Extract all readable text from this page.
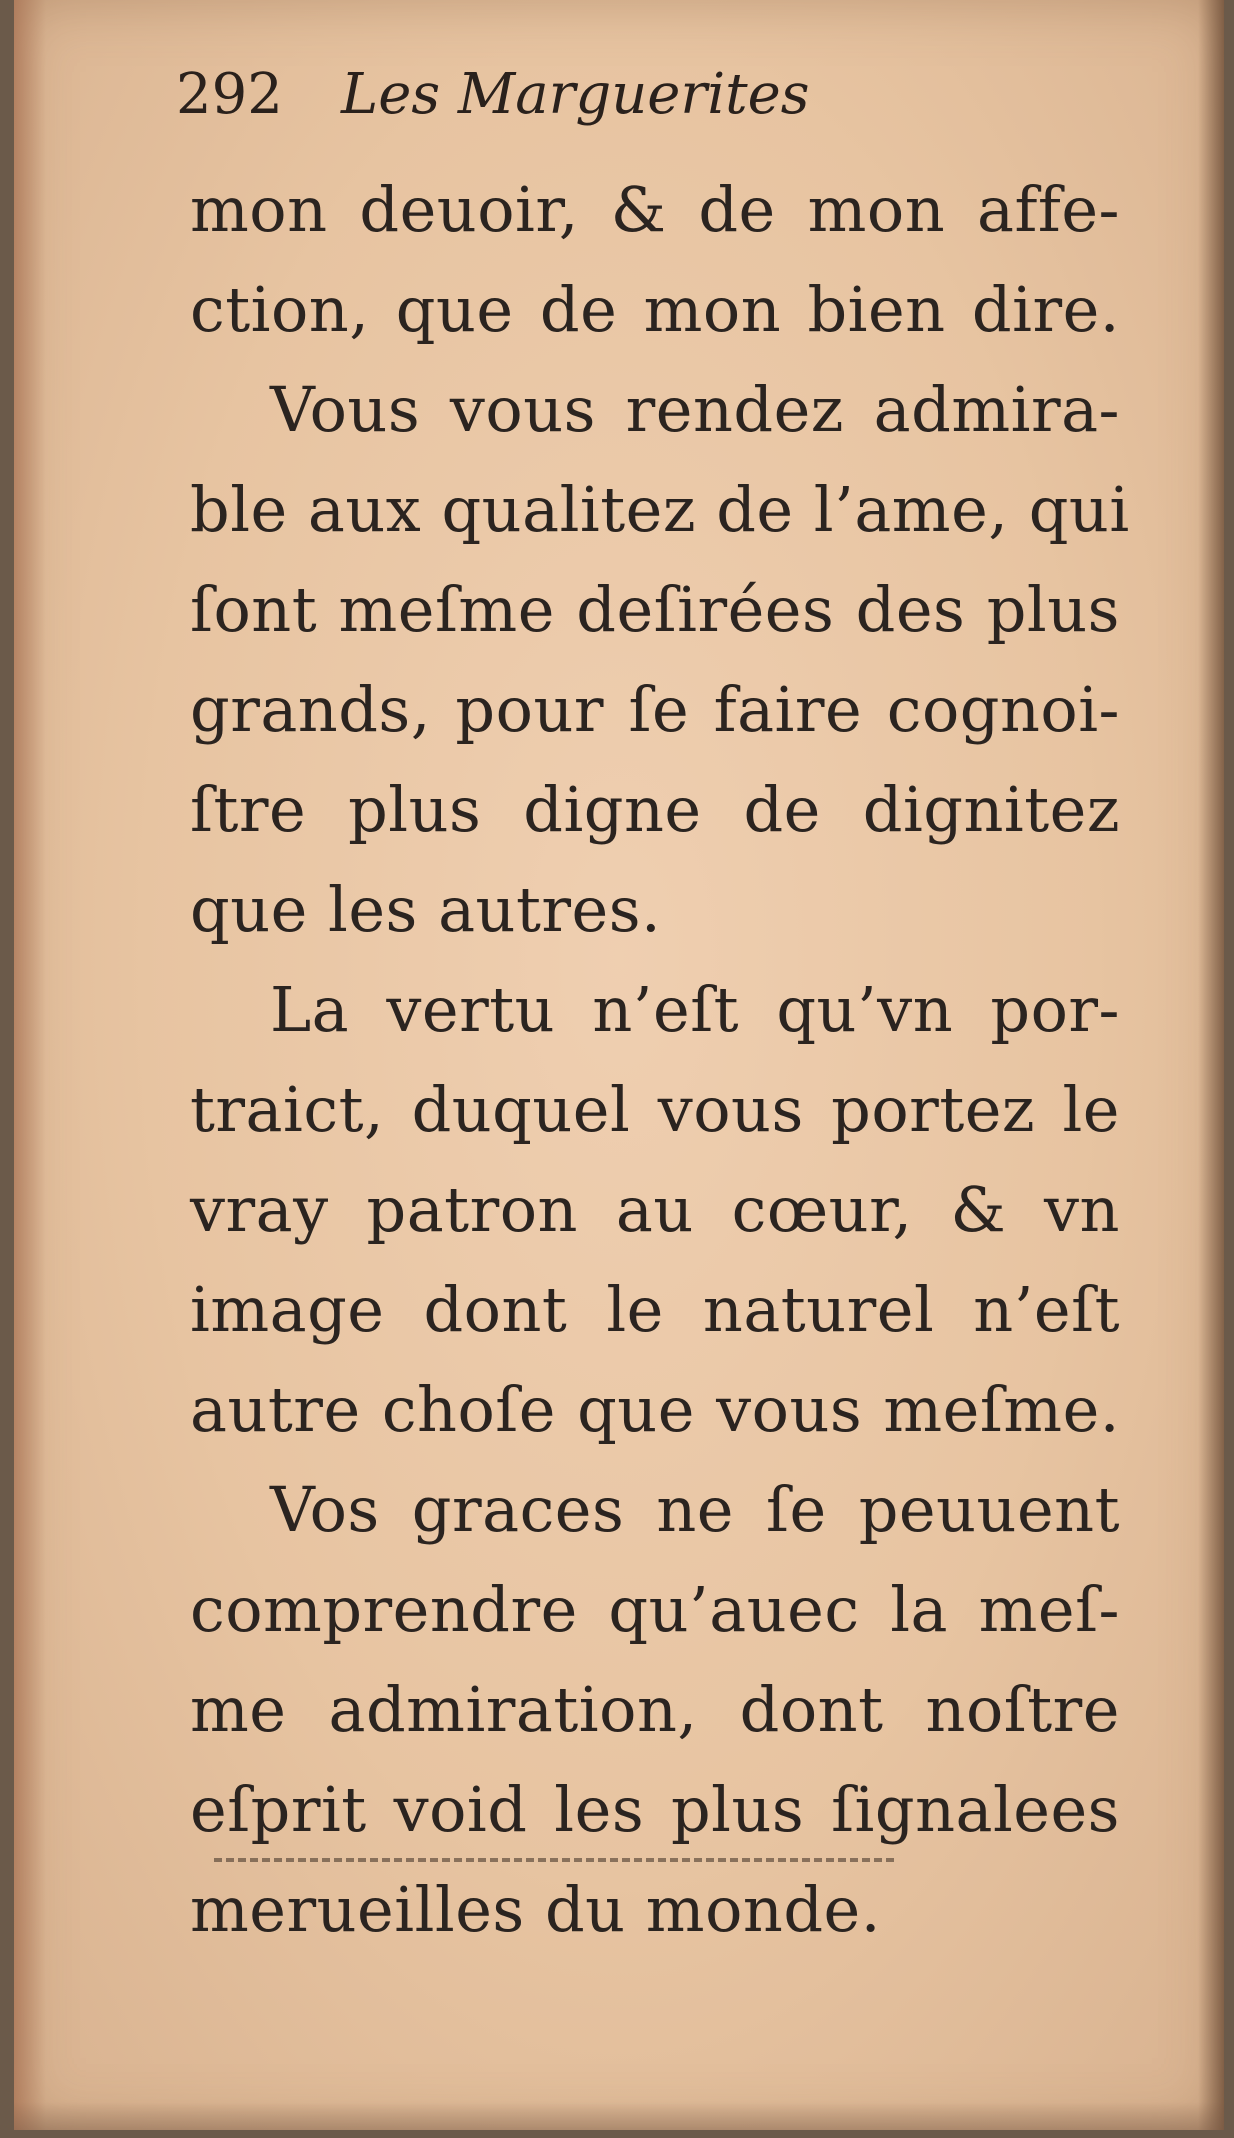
292 Les Marguerites
mon deuoir, & de mon affe-
ction, que de mon bien dire.
Vous vous rendez admira-
ble aux qualitez de l’ame, qui
ſont meſme deſirées des plus
grands, pour ſe faire cognoi-
ſtre plus digne de dignitez
que les autres.
La vertu n’eſt qu’vn por-
traict, duquel vous portez le
vray patron au cœur, & vn
image dont le naturel n’eſt
autre choſe que vous meſme.
Vos graces ne ſe peuuent
comprendre qu’auec la meſ-
me admiration, dont noſtre
eſprit void les plus ſignalees
merueilles du monde.
